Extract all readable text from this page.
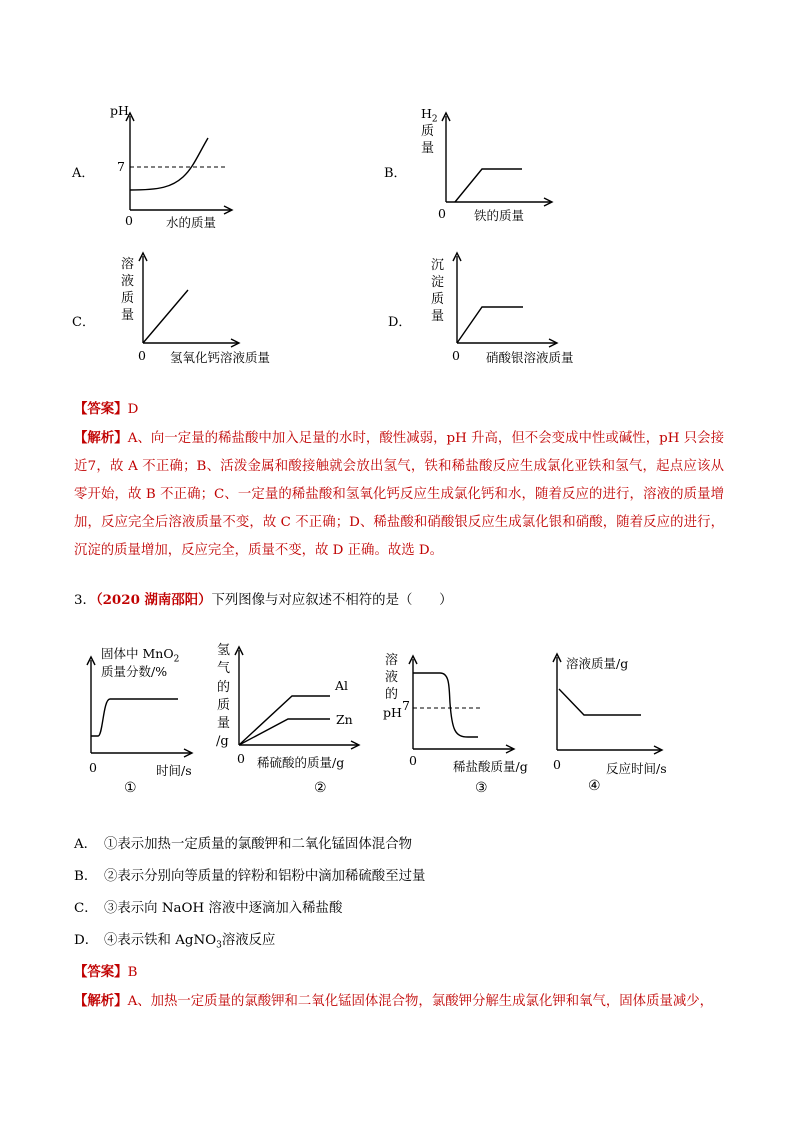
A．
pH
7
0	水的质量
B．
$H_2$
质
量
0 铁的质量
C．
溶
液
质
量
0 氢氧化钙溶液质量
D．
沉
淀
质
量
0 硝酸银溶液质量
【答案】D
【解析】A、向一定量的稀盐酸中加入足量的水时，酸性减弱，pH 升高，但不会变成中性或碱性，pH 只会接近7，故 A 不正确；B、活泼金属和酸接触就会放出氢气，铁和稀盐酸反应生成氯化亚铁和氢气，起点应该从零开始，故 B 不正确；C、一定量的稀盐酸和氢氧化钙反应生成氯化钙和水，随着反应的进行，溶液的质量增加，反应完全后溶液质量不变，故 C 不正确；D、稀盐酸和硝酸银反应生成氯化银和硝酸，随着反应的进行，沉淀的质量增加，反应完全，质量不变，故 D 正确。故选 D。
3．（2020 湖南邵阳）下列图像与对应叙述不相符的是（　　）
固体中 MnO$_2$
质量分数/%
0	时间/s
①
氢
气
的
质
量
/g
0 稀硫酸的质量/g
Al
Zn
②
溶
液
的
pH 7
0	稀盐酸质量/g
③
溶液质量/g
0	反应时间/s
④
A． ①表示加热一定质量的氯酸钾和二氧化锰固体混合物
B． ②表示分别向等质量的锌粉和铝粉中滴加稀硫酸至过量
C． ③表示向 NaOH 溶液中逐滴加入稀盐酸
D． ④表示铁和 AgNO$_3$溶液反应
【答案】B
【解析】A、加热一定质量的氯酸钾和二氧化锰固体混合物，氯酸钾分解生成氯化钾和氧气，固体质量减少，
